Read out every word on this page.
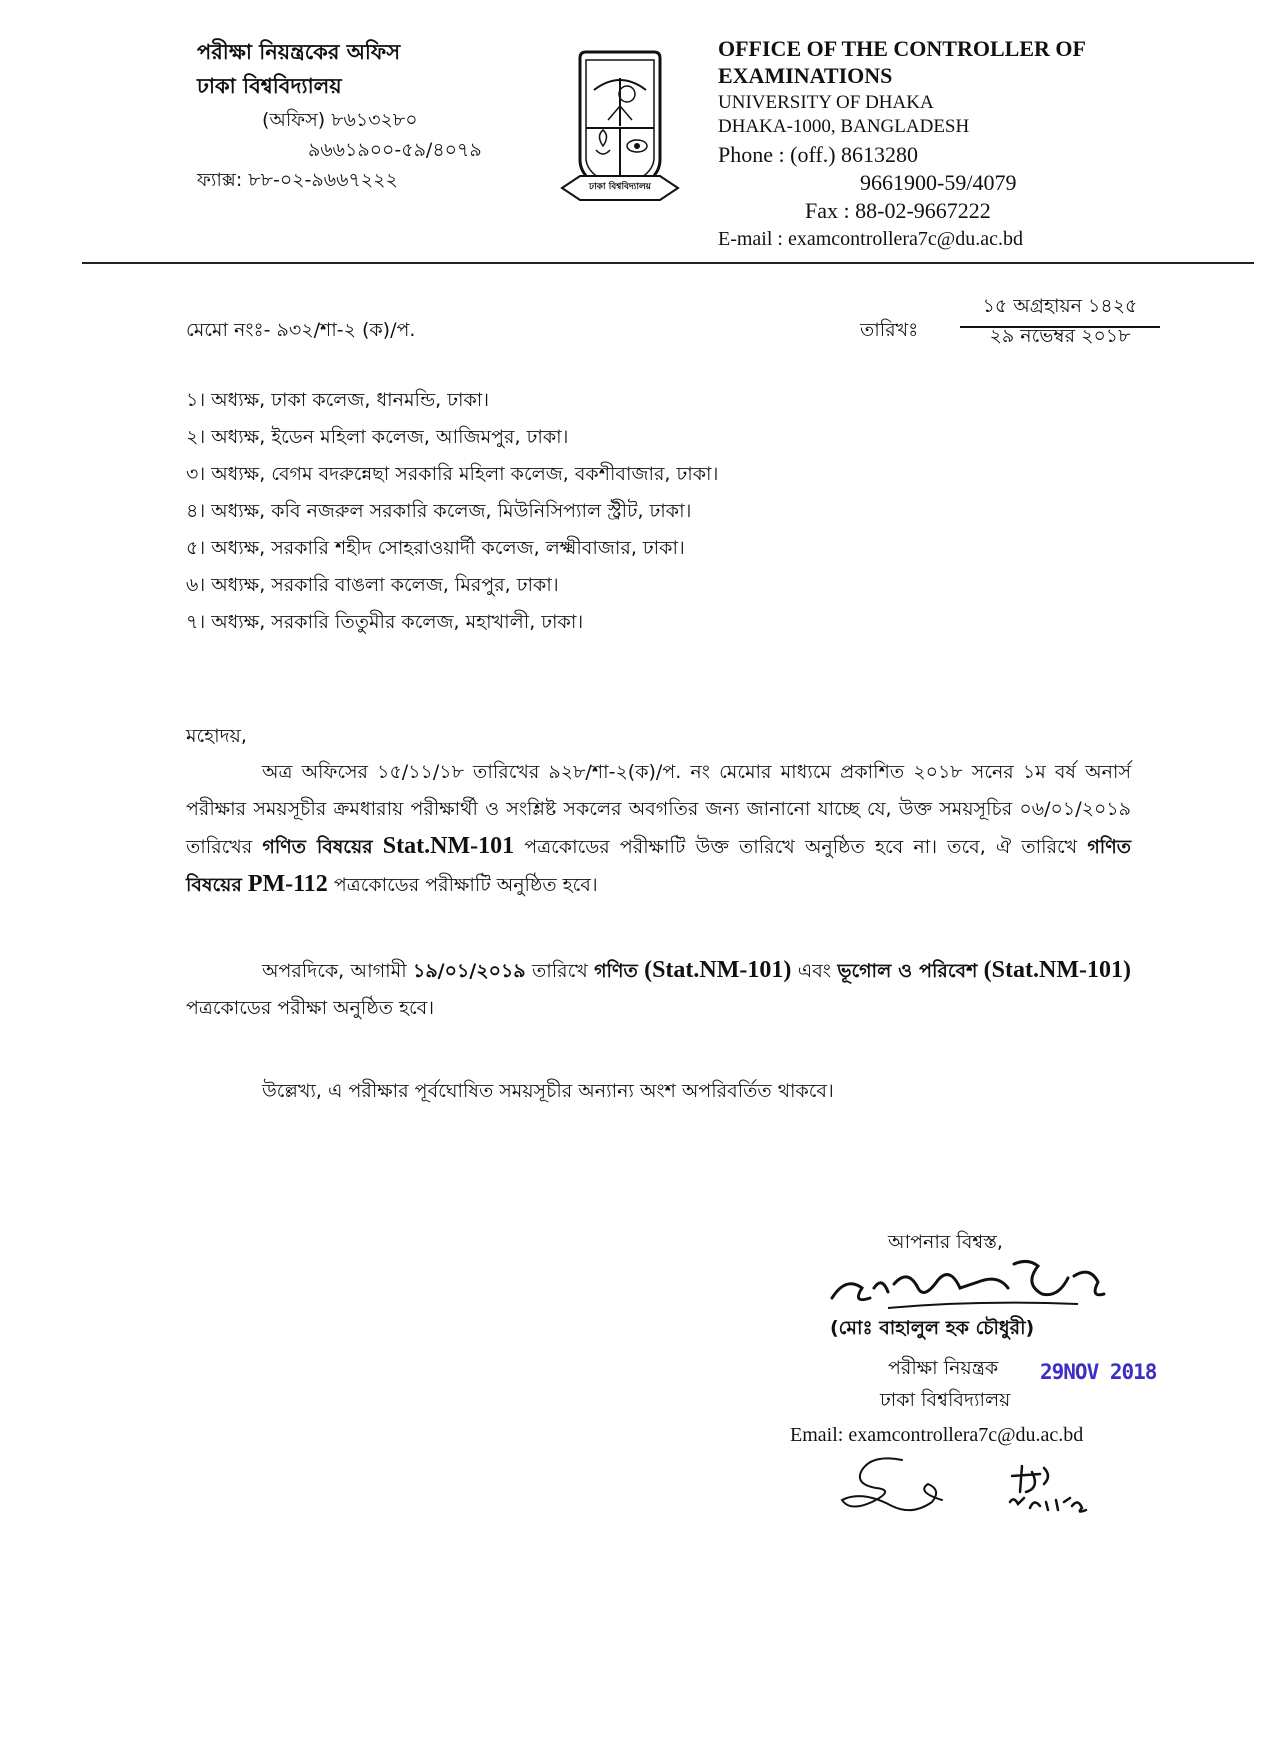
পরীক্ষা নিয়ন্ত্রকের অফিস
ঢাকা বিশ্ববিদ্যালয়
(অফিস) ৮৬১৩২৮০
৯৬৬১৯০০-৫৯/৪০৭৯
ফ্যাক্স: ৮৮-০২-৯৬৬৭২২২	ঢাকা বিশ্ববিদ্যালয়
OFFICE OF THE CONTROLLER OF
EXAMINATIONS
UNIVERSITY OF DHAKA
DHAKA-1000, BANGLADESH
Phone : (off.) 8613280
9661900-59/4079
Fax : 88-02-9667222
E-mail : examcontrollera7c@du.ac.bd
মেমো নংঃ- ৯৩২/শা-২ (ক)/প.	তারিখঃ
১৫ অগ্রহায়ন ১৪২৫
২৯ নভেম্বর ২০১৮
১। অধ্যক্ষ, ঢাকা কলেজ, ধানমন্ডি, ঢাকা।
২। অধ্যক্ষ, ইডেন মহিলা কলেজ, আজিমপুর, ঢাকা।
৩। অধ্যক্ষ, বেগম বদরুন্নেছা সরকারি মহিলা কলেজ, বকশীবাজার, ঢাকা।
৪। অধ্যক্ষ, কবি নজরুল সরকারি কলেজ, মিউনিসিপ্যাল স্ট্রীট, ঢাকা।
৫। অধ্যক্ষ, সরকারি শহীদ সোহরাওয়ার্দী কলেজ, লক্ষ্মীবাজার, ঢাকা।
৬। অধ্যক্ষ, সরকারি বাঙলা কলেজ, মিরপুর, ঢাকা।
৭। অধ্যক্ষ, সরকারি তিতুমীর কলেজ, মহাখালী, ঢাকা।
মহোদয়,
অত্র অফিসের ১৫/১১/১৮ তারিখের ৯২৮/শা-২(ক)/প. নং মেমোর মাধ্যমে প্রকাশিত ২০১৮ সনের ১ম বর্ষ অনার্স পরীক্ষার সময়সূচীর ক্রমধারায় পরীক্ষার্থী ও সংশ্লিষ্ট সকলের অবগতির জন্য জানানো যাচ্ছে যে, উক্ত সময়সূচির ০৬/০১/২০১৯ তারিখের গণিত বিষয়ের Stat.NM-101 পত্রকোডের পরীক্ষাটি উক্ত তারিখে অনুষ্ঠিত হবে না। তবে, ঐ তারিখে গণিত বিষয়ের PM-112 পত্রকোডের পরীক্ষাটি অনুষ্ঠিত হবে।
অপরদিকে, আগামী ১৯/০১/২০১৯ তারিখে গণিত (Stat.NM-101) এবং ভূগোল ও পরিবেশ (Stat.NM-101) পত্রকোডের পরীক্ষা অনুষ্ঠিত হবে।
উল্লেখ্য, এ পরীক্ষার পূর্বঘোষিত সময়সূচীর অন্যান্য অংশ অপরিবর্তিত থাকবে।
আপনার বিশ্বস্ত,
(মোঃ বাহালুল হক চৌধুরী)
পরীক্ষা নিয়ন্ত্রক 29NOV 2018
ঢাকা বিশ্ববিদ্যালয়
Email: examcontrollera7c@du.ac.bd
